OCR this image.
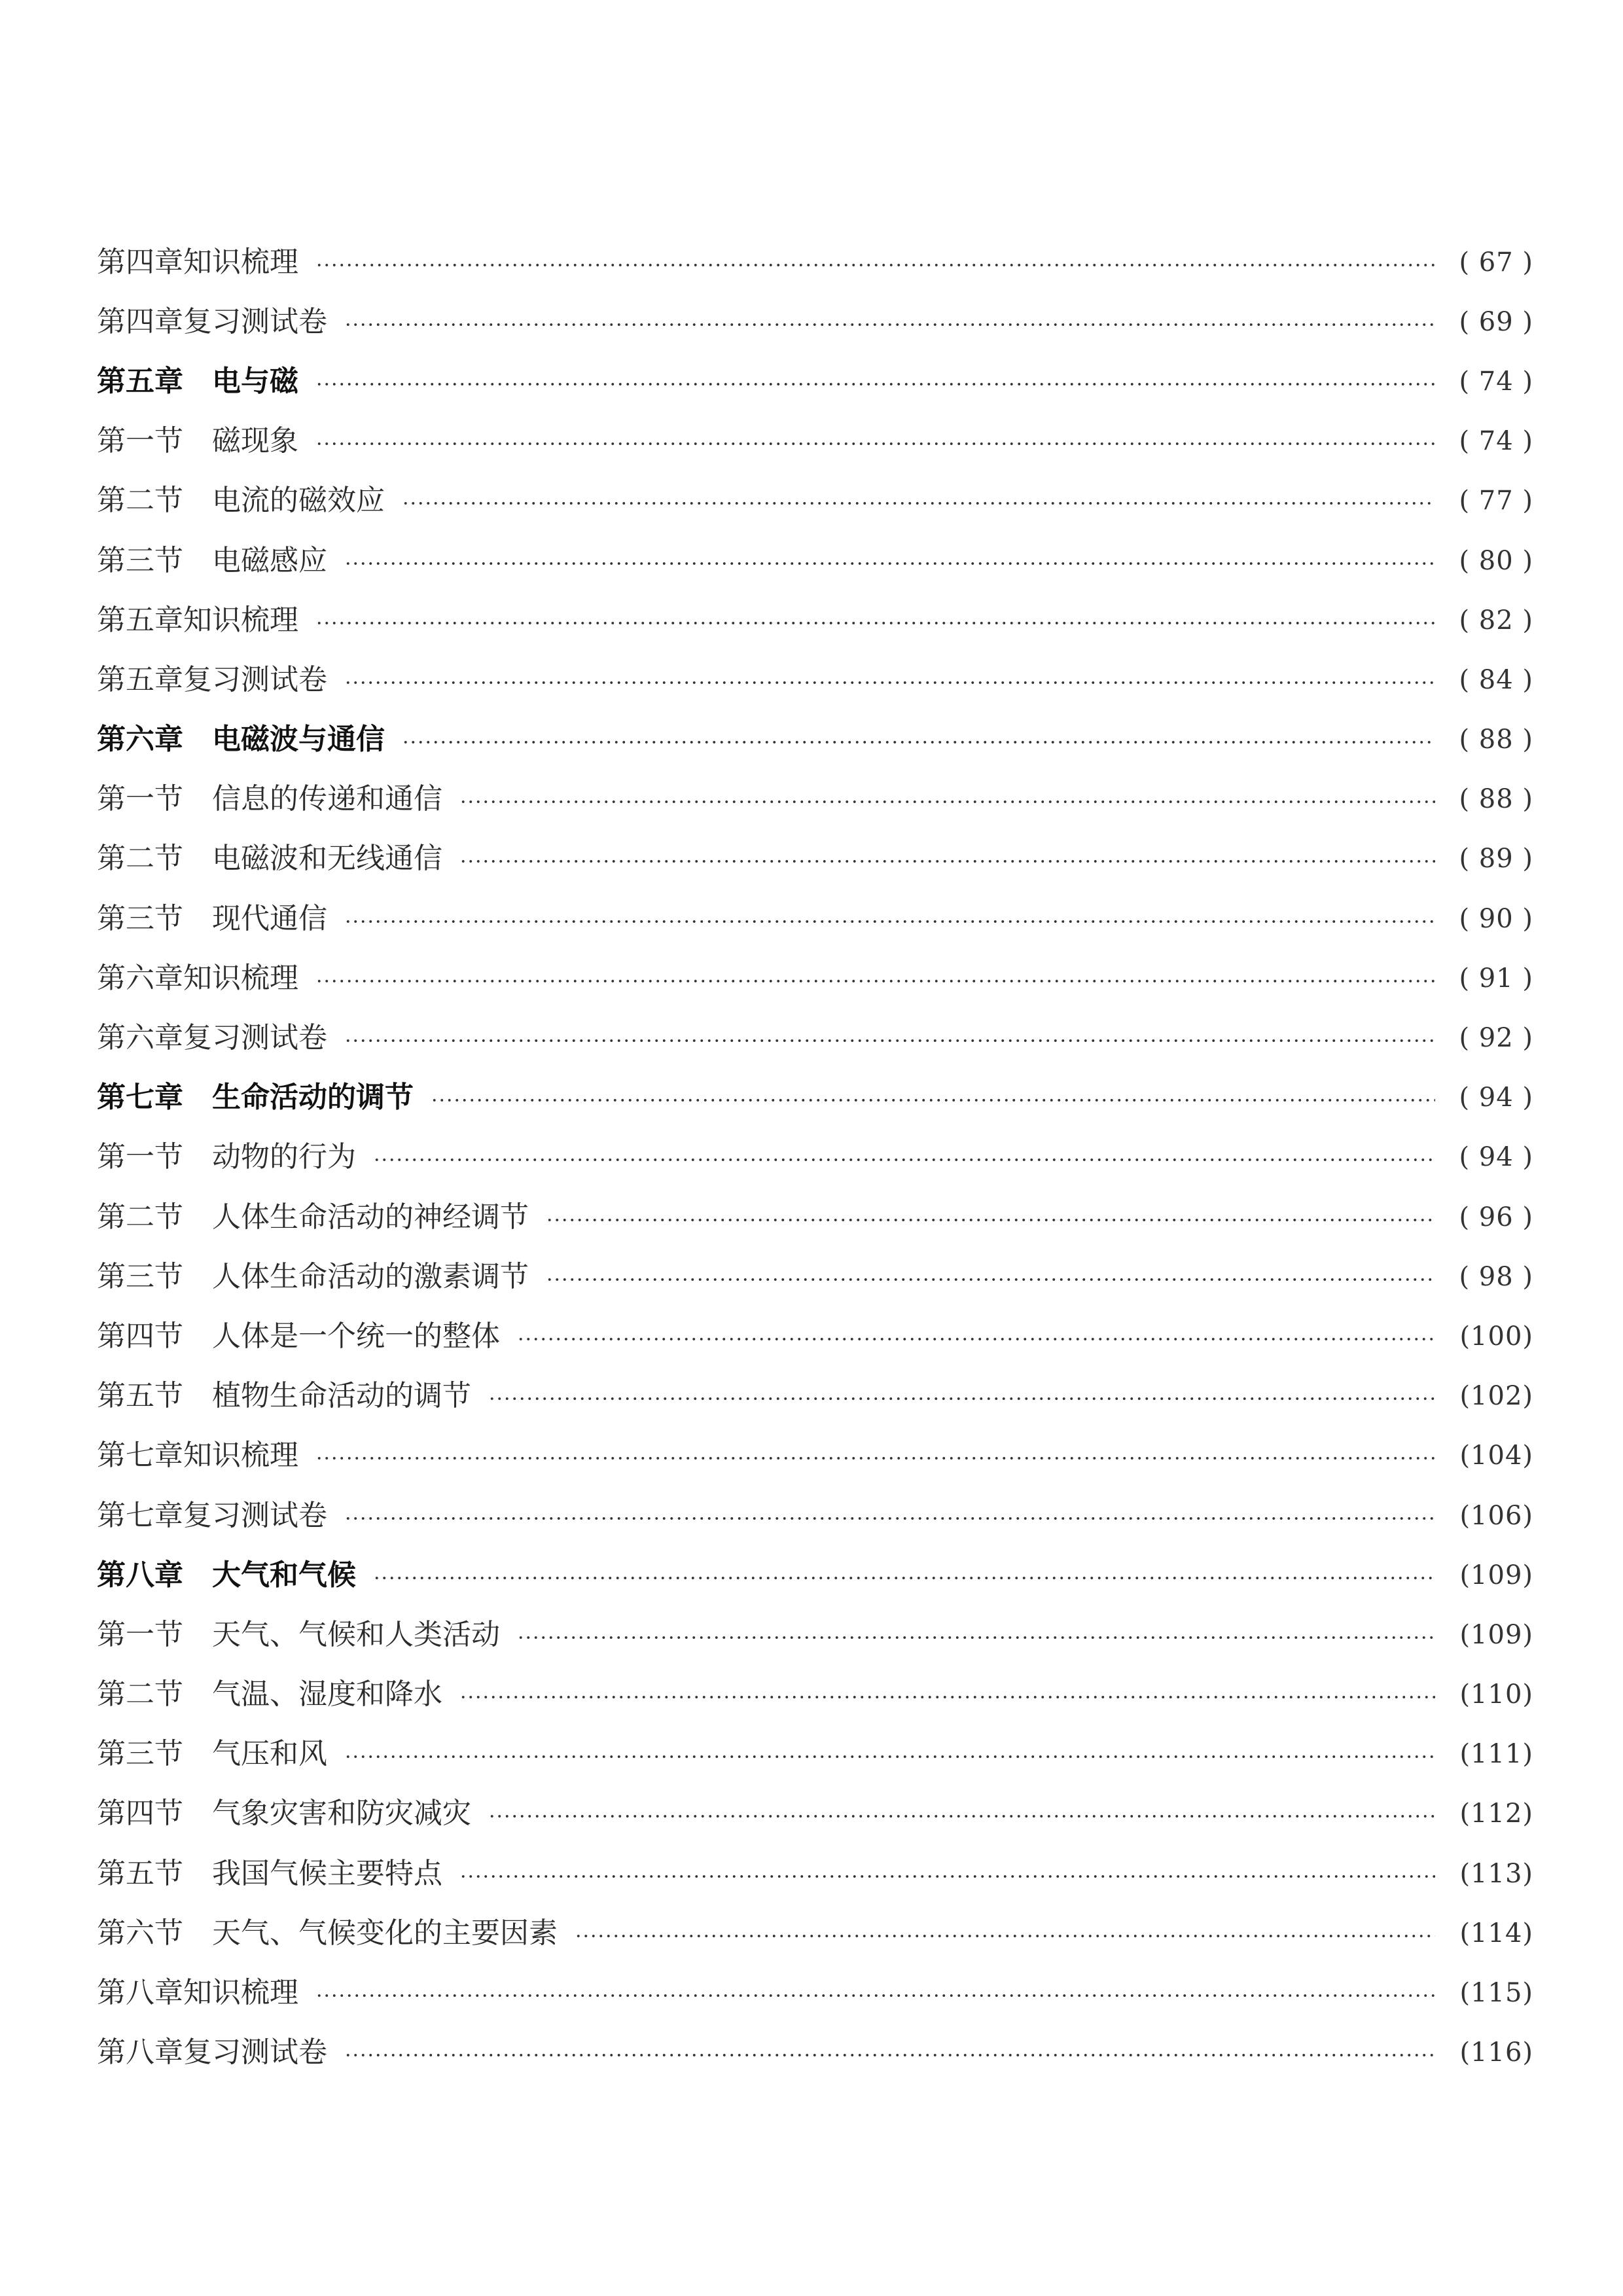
第四章知识梳理	( 67 )
第四章复习测试卷	( 69 )
第五章　电与磁	( 74 )
第一节　磁现象	( 74 )
第二节　电流的磁效应	( 77 )
第三节　电磁感应	( 80 )
第五章知识梳理	( 82 )
第五章复习测试卷	( 84 )
第六章　电磁波与通信	( 88 )
第一节　信息的传递和通信	( 88 )
第二节　电磁波和无线通信	( 89 )
第三节　现代通信	( 90 )
第六章知识梳理	( 91 )
第六章复习测试卷	( 92 )
第七章　生命活动的调节	( 94 )
第一节　动物的行为	( 94 )
第二节　人体生命活动的神经调节	( 96 )
第三节　人体生命活动的激素调节	( 98 )
第四节　人体是一个统一的整体	(100)
第五节　植物生命活动的调节	(102)
第七章知识梳理	(104)
第七章复习测试卷	(106)
第八章　大气和气候	(109)
第一节　天气、气候和人类活动	(109)
第二节　气温、湿度和降水	(110)
第三节　气压和风	(111)
第四节　气象灾害和防灾减灾	(112)
第五节　我国气候主要特点	(113)
第六节　天气、气候变化的主要因素	(114)
第八章知识梳理	(115)
第八章复习测试卷	(116)
